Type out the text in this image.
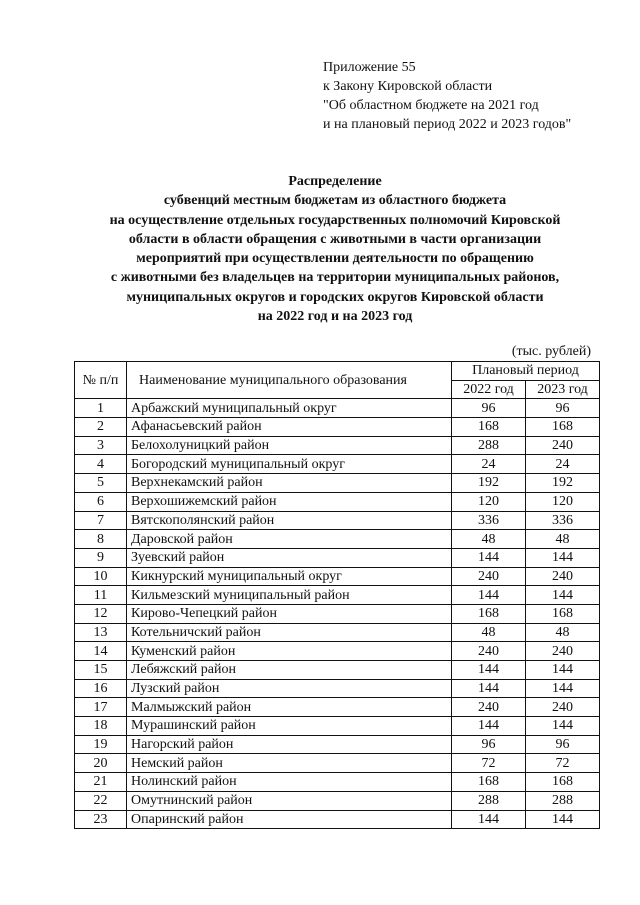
Приложение 55
к Закону Кировской области
"Об областном бюджете на 2021 год
и на плановый период 2022 и 2023 годов"
Распределение
субвенций местным бюджетам из областного бюджета
на осуществление отдельных государственных полномочий Кировской
области в области обращения с животными в части организации
мероприятий при осуществлении деятельности по обращению
с животными без владельцев на территории муниципальных районов,
муниципальных округов и городских округов Кировской области
на 2022 год и на 2023 год
(тыс. рублей)
№ п/п	Наименование муниципального образования	Плановый период	
		2022 год	2023 год
1	Арбажский муниципальный округ	96	96
2	Афанасьевский район	168	168
3	Белохолуницкий район	288	240
4	Богородский муниципальный округ	24	24
5	Верхнекамский район	192	192
6	Верхошижемский район	120	120
7	Вятскополянский район	336	336
8	Даровской район	48	48
9	Зуевский район	144	144
10	Кикнурский муниципальный округ	240	240
11	Кильмезский муниципальный район	144	144
12	Кирово-Чепецкий район	168	168
13	Котельничский район	48	48
14	Куменский район	240	240
15	Лебяжский район	144	144
16	Лузский район	144	144
17	Малмыжский район	240	240
18	Мурашинский район	144	144
19	Нагорский район	96	96
20	Немский район	72	72
21	Нолинский район	168	168
22	Омутнинский район	288	288
23	Опаринский район	144	144
